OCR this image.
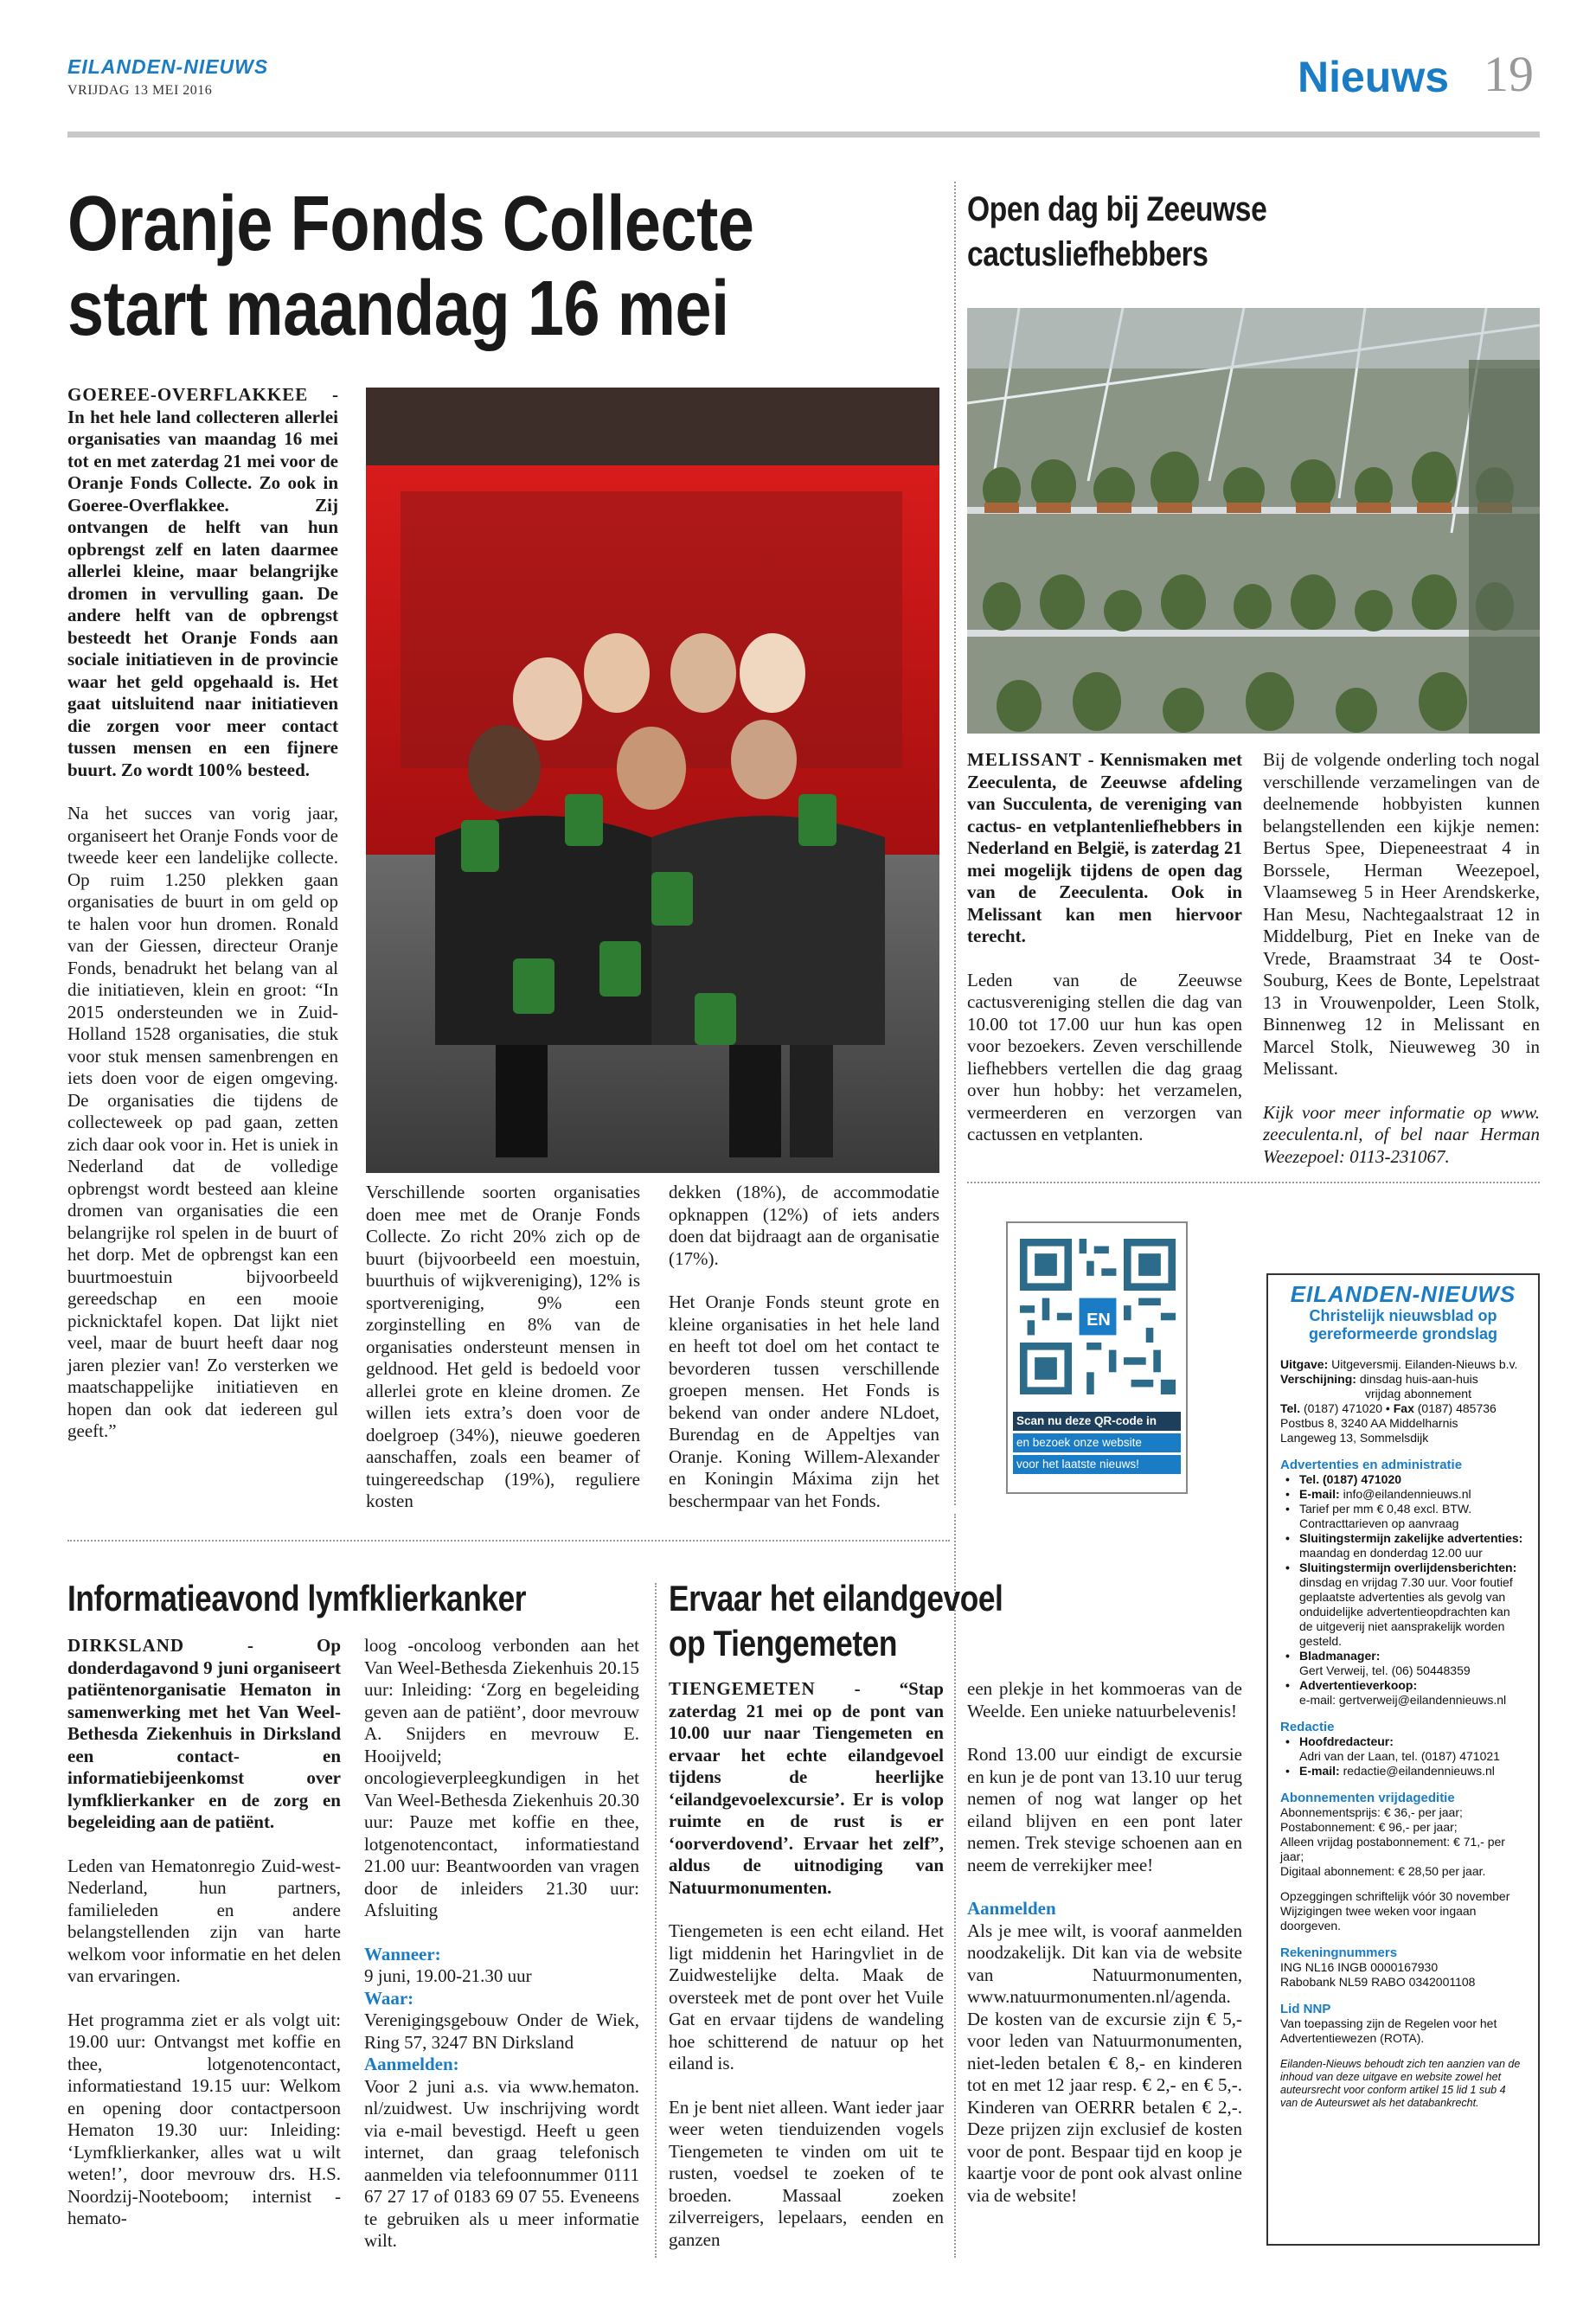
EILANDEN-NIEUWS
VRIJDAG 13 MEI 2016	Nieuws 19
Oranje Fonds Collecte
start maandag 16 mei

GOEREE-OVERFLAKKEE - In het hele land collecteren allerlei organisaties van maandag 16 mei tot en met zaterdag 21 mei voor de Oranje Fonds Collecte. Zo ook in Goeree-Overflakkee. Zij ontvangen de helft van hun opbrengst zelf en laten daarmee allerlei kleine, maar belangrijke dromen in vervulling gaan. De andere helft van de opbrengst besteedt het Oranje Fonds aan sociale initiatieven in de provincie waar het geld opgehaald is. Het gaat uitsluitend naar initiatieven die zorgen voor meer contact tussen mensen en een fijnere buurt. Zo wordt 100% besteed.

Na het succes van vorig jaar, organiseert het Oranje Fonds voor de tweede keer een landelijke collecte. Op ruim 1.250 plekken gaan organisaties de buurt in om geld op te halen voor hun dromen. Ronald van der Giessen, directeur Oranje Fonds, benadrukt het belang van al die initiatieven, klein en groot: “In 2015 ondersteunden we in Zuid-Holland 1528 organisaties, die stuk voor stuk mensen samenbrengen en iets doen voor de eigen omgeving. De organisaties die tijdens de collecteweek op pad gaan, zetten zich daar ook voor in. Het is uniek in Nederland dat de volledige opbrengst wordt besteed aan kleine dromen van organisaties die een belangrijke rol spelen in de buurt of het dorp. Met de opbrengst kan een buurtmoestuin bijvoorbeeld gereedschap en een mooie picknicktafel kopen. Dat lijkt niet veel, maar de buurt heeft daar nog jaren plezier van! Zo versterken we maatschappelijke initiatieven en hopen dan ook dat iedereen gul geeft.”

Verschillende soorten organisaties doen mee met de Oranje Fonds Collecte. Zo richt 20% zich op de buurt (bijvoorbeeld een moestuin, buurthuis of wijkvereniging), 12% is sportvereniging, 9% een zorginstelling en 8% van de organisaties ondersteunt mensen in geldnood. Het geld is bedoeld voor allerlei grote en kleine dromen. Ze willen iets extra’s doen voor de doelgroep (34%), nieuwe goederen aanschaffen, zoals een beamer of tuingereedschap (19%), reguliere kosten

dekken (18%), de accommodatie opknappen (12%) of iets anders doen dat bijdraagt aan de organisatie (17%).

Het Oranje Fonds steunt grote en kleine organisaties in het hele land en heeft tot doel om het contact te bevorderen tussen verschillende groepen mensen. Het Fonds is bekend van onder andere NLdoet, Burendag en de Appeltjes van Oranje. Koning Willem-Alexander en Koningin Máxima zijn het beschermpaar van het Fonds.

Open dag bij Zeeuwse
cactusliefhebbers

MELISSANT - Kennismaken met Zeeculenta, de Zeeuwse afdeling van Succulenta, de vereniging van cactus- en vetplantenliefhebbers in Nederland en België, is zaterdag 21 mei mogelijk tijdens de open dag van de Zeeculenta. Ook in Melissant kan men hiervoor terecht.

Leden van de Zeeuwse cactusvereniging stellen die dag van 10.00 tot 17.00 uur hun kas open voor bezoekers. Zeven verschillende liefhebbers vertellen die dag graag over hun hobby: het verzamelen, vermeerderen en verzorgen van cactussen en vetplanten.

Bij de volgende onderling toch nogal verschillende verzamelingen van de deelnemende hobbyisten kunnen belangstellenden een kijkje nemen: Bertus Spee, Diepeneestraat 4 in Borssele, Herman Weezepoel, Vlaamseweg 5 in Heer Arendskerke, Han Mesu, Nachtegaalstraat 12 in Middelburg, Piet en Ineke van de Vrede, Braamstraat 34 te Oost-Souburg, Kees de Bonte, Lepelstraat 13 in Vrouwenpolder, Leen Stolk, Binnenweg 12 in Melissant en Marcel Stolk, Nieuweweg 30 in Melissant.

Kijk voor meer informatie op www. zeeculenta.nl, of bel naar Herman Weezepoel: 0113-231067.

EN
Scan nu deze QR-code in
en bezoek onze website
voor het laatste nieuws!
EILANDEN-NIEUWS
Christelijk nieuwsblad op
gereformeerde grondslag
Uitgave: Uitgeversmij. Eilanden-Nieuws b.v.
Verschijning: dinsdag huis-aan-huis
vrijdag abonnement
Tel. (0187) 471020 • Fax (0187) 485736
Postbus 8, 3240 AA Middelharnis
Langeweg 13, Sommelsdijk
Advertenties en administratie
• Tel. (0187) 471020
• E-mail: info@eilandennieuws.nl
• Tarief per mm € 0,48 excl. BTW.
Contracttarieven op aanvraag
• Sluitingstermijn zakelijke advertenties:
maandag en donderdag 12.00 uur
• Sluitingstermijn overlijdensberichten:
dinsdag en vrijdag 7.30 uur. Voor foutief geplaatste advertenties als gevolg van onduidelijke advertentieopdrachten kan de uitgeverij niet aansprakelijk worden gesteld.
• Bladmanager:
Gert Verweij, tel. (06) 50448359
• Advertentieverkoop:
e-mail: gertverweij@eilandennieuws.nl
Redactie
• Hoofdredacteur:
Adri van der Laan, tel. (0187) 471021
• E-mail: redactie@eilandennieuws.nl
Abonnementen vrijdageditie
Abonnementsprijs: € 36,- per jaar;
Postabonnement: € 96,- per jaar;
Alleen vrijdag postabonnement: € 71,- per jaar;
Digitaal abonnement: € 28,50 per jaar.
Opzeggingen schriftelijk vóór 30 november Wijzigingen twee weken voor ingaan doorgeven.
Rekeningnummers
ING NL16 INGB 0000167930
Rabobank NL59 RABO 0342001108
Lid NNP
Van toepassing zijn de Regelen voor het Advertentiewezen (ROTA).
Eilanden-Nieuws behoudt zich ten aanzien van de inhoud van deze uitgave en website zowel het auteursrecht voor conform artikel 15 lid 1 sub 4 van de Auteurswet als het databankrecht.
Informatieavond lymfklierkanker

DIRKSLAND	- Op donderdagavond 9 juni organiseert patiëntenorganisatie Hematon in samenwerking met het Van Weel-Bethesda Ziekenhuis in Dirksland een contact- en informatiebijeenkomst over lymfklierkanker en de zorg en begeleiding aan de patiënt.

Leden van Hematonregio Zuid-west-Nederland, hun partners, familieleden en andere belangstellenden zijn van harte welkom voor informatie en het delen van ervaringen.

Het programma ziet er als volgt uit: 19.00 uur: Ontvangst met koffie en thee, lotgenotencontact, informatiestand 19.15 uur: Welkom en opening door contactpersoon Hematon 19.30 uur: Inleiding: ‘Lymfklierkanker, alles wat u wilt weten!’, door mevrouw drs. H.S. Noordzij-Nooteboom; internist -hemato-

loog -oncoloog verbonden aan het Van Weel-Bethesda Ziekenhuis 20.15 uur: Inleiding: ‘Zorg en begeleiding geven aan de patiënt’, door mevrouw A. Snijders en mevrouw E. Hooijveld; oncologieverpleegkundigen in het Van Weel-Bethesda Ziekenhuis 20.30 uur: Pauze met koffie en thee, lotgenotencontact, informatiestand 21.00 uur: Beantwoorden van vragen door de inleiders 21.30 uur: Afsluiting

Wanneer:
9 juni, 19.00-21.30 uur
Waar:
Verenigingsgebouw Onder de Wiek, Ring 57, 3247 BN Dirksland
Aanmelden:
Voor 2 juni a.s. via www.hematon. nl/zuidwest. Uw inschrijving wordt via e-mail bevestigd. Heeft u geen internet, dan graag telefonisch aanmelden via telefoonnummer 0111 67 27 17 of 0183 69 07 55. Eveneens te gebruiken als u meer informatie wilt.
Ervaar het eilandgevoel
op Tiengemeten

TIENGEMETEN - “Stap zaterdag 21 mei op de pont van 10.00 uur naar Tiengemeten en ervaar het echte eilandgevoel tijdens de heerlijke ‘eilandgevoelexcursie’. Er is volop ruimte en de rust is er ‘oorverdovend’. Ervaar het zelf”, aldus de uitnodiging van Natuurmonumenten.

Tiengemeten is een echt eiland. Het ligt middenin het Haringvliet in de Zuidwestelijke delta. Maak de oversteek met de pont over het Vuile Gat en ervaar tijdens de wandeling hoe schitterend de natuur op het eiland is.

En je bent niet alleen. Want ieder jaar weer weten tienduizenden vogels Tiengemeten te vinden om uit te rusten, voedsel te zoeken of te broeden. Massaal zoeken zilverreigers, lepelaars, eenden en ganzen

een plekje in het kommoeras van de Weelde. Een unieke natuurbelevenis!

Rond 13.00 uur eindigt de excursie en kun je de pont van 13.10 uur terug nemen of nog wat langer op het eiland blijven en een pont later nemen. Trek stevige schoenen aan en neem de verrekijker mee!

Aanmelden
Als je mee wilt, is vooraf aanmelden noodzakelijk. Dit kan via de website van Natuurmonumenten, www.natuurmonumenten.nl/agenda. De kosten van de excursie zijn € 5,- voor leden van Natuurmonumenten, niet-leden betalen € 8,- en kinderen tot en met 12 jaar resp. € 2,- en € 5,-. Kinderen van OERRR betalen € 2,-. Deze prijzen zijn exclusief de kosten voor de pont. Bespaar tijd en koop je kaartje voor de pont ook alvast online via de website!
